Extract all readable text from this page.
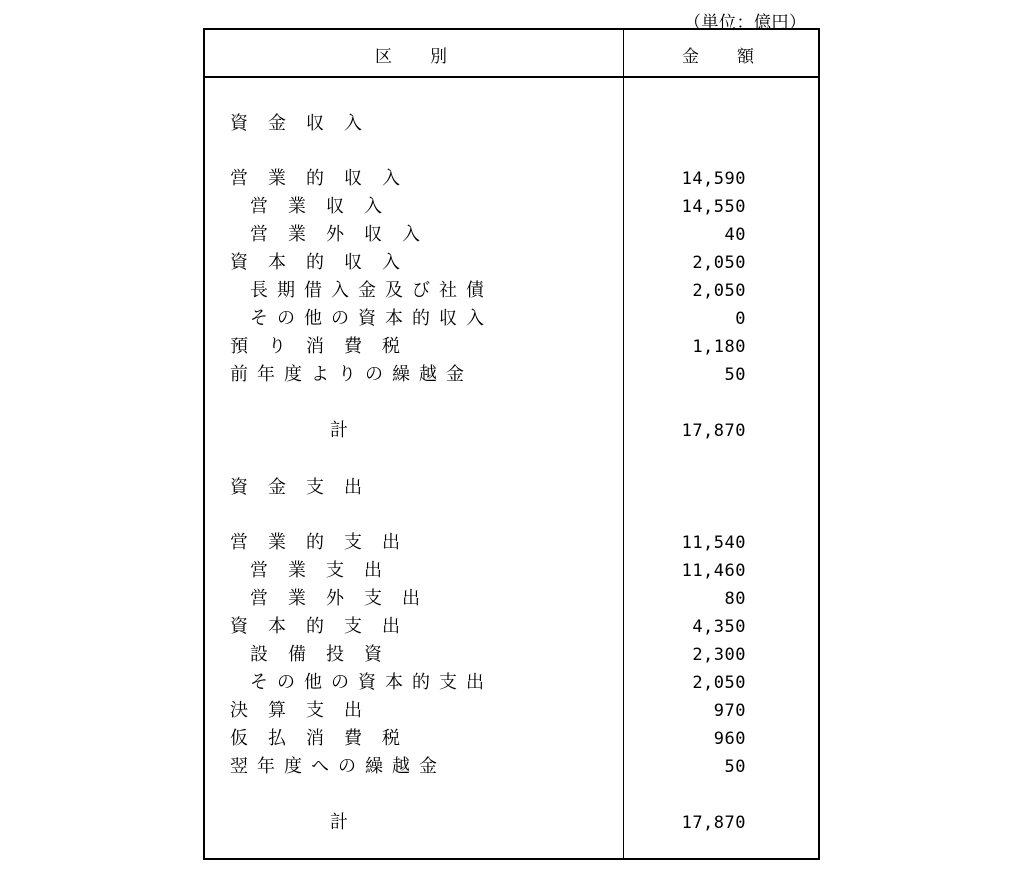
（単位：億円）
区別	金額
資金収入
営業的収入	14,590
営業収入	14,550
営業外収入	40
資本的収入	2,050
長期借入金及び社債	2,050
その他の資本的収入	0
預り消費税	1,180
前年度よりの繰越金	50
計	17,870
資金支出
営業的支出	11,540
営業支出	11,460
営業外支出	80
資本的支出	4,350
設備投資	2,300
その他の資本的支出	2,050
決算支出	970
仮払消費税	960
翌年度への繰越金	50
計	17,870
